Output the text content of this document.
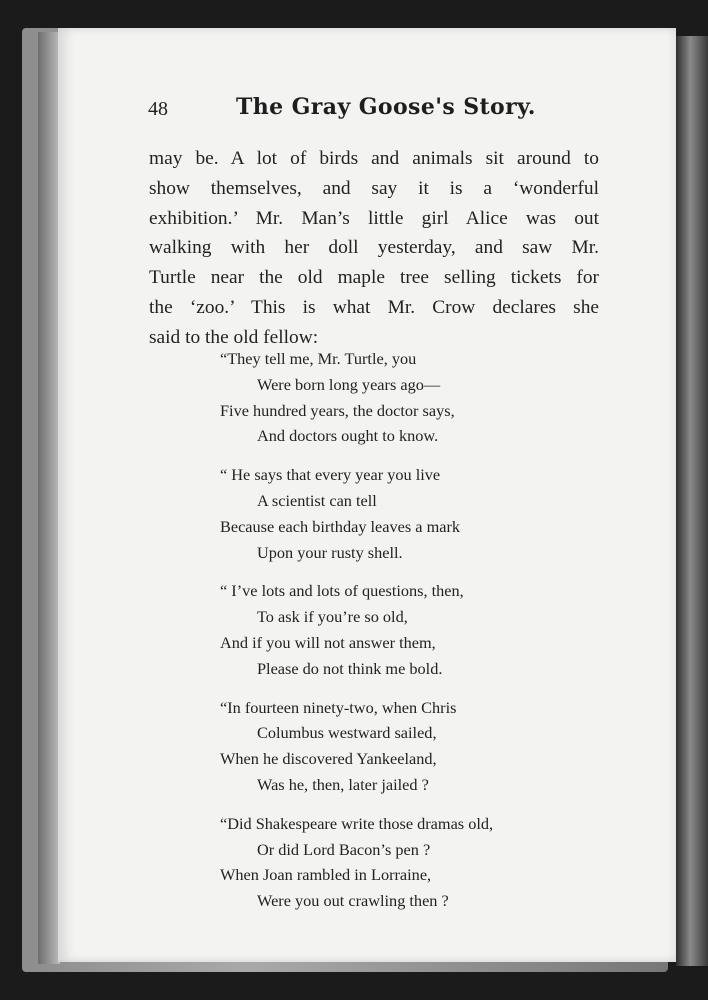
48	The Gray Goose's Story.
may be. A lot of birds and animals sit around to
show themselves, and say it is a ‘wonderful
exhibition.’ Mr. Man’s little girl Alice was out
walking with her doll yesterday, and saw Mr.
Turtle near the old maple tree selling tickets for
the ‘zoo.’ This is what Mr. Crow declares she
said to the old fellow:
“They tell me, Mr. Turtle, you
Were born long years ago—
Five hundred years, the doctor says,
And doctors ought to know.
“ He says that every year you live
A scientist can tell
Because each birthday leaves a mark
Upon your rusty shell.
“ I’ve lots and lots of questions, then,
To ask if you’re so old,
And if you will not answer them,
Please do not think me bold.
“In fourteen ninety-two, when Chris
Columbus westward sailed,
When he discovered Yankeeland,
Was he, then, later jailed ?
“Did Shakespeare write those dramas old,
Or did Lord Bacon’s pen ?
When Joan rambled in Lorraine,
Were you out crawling then ?
